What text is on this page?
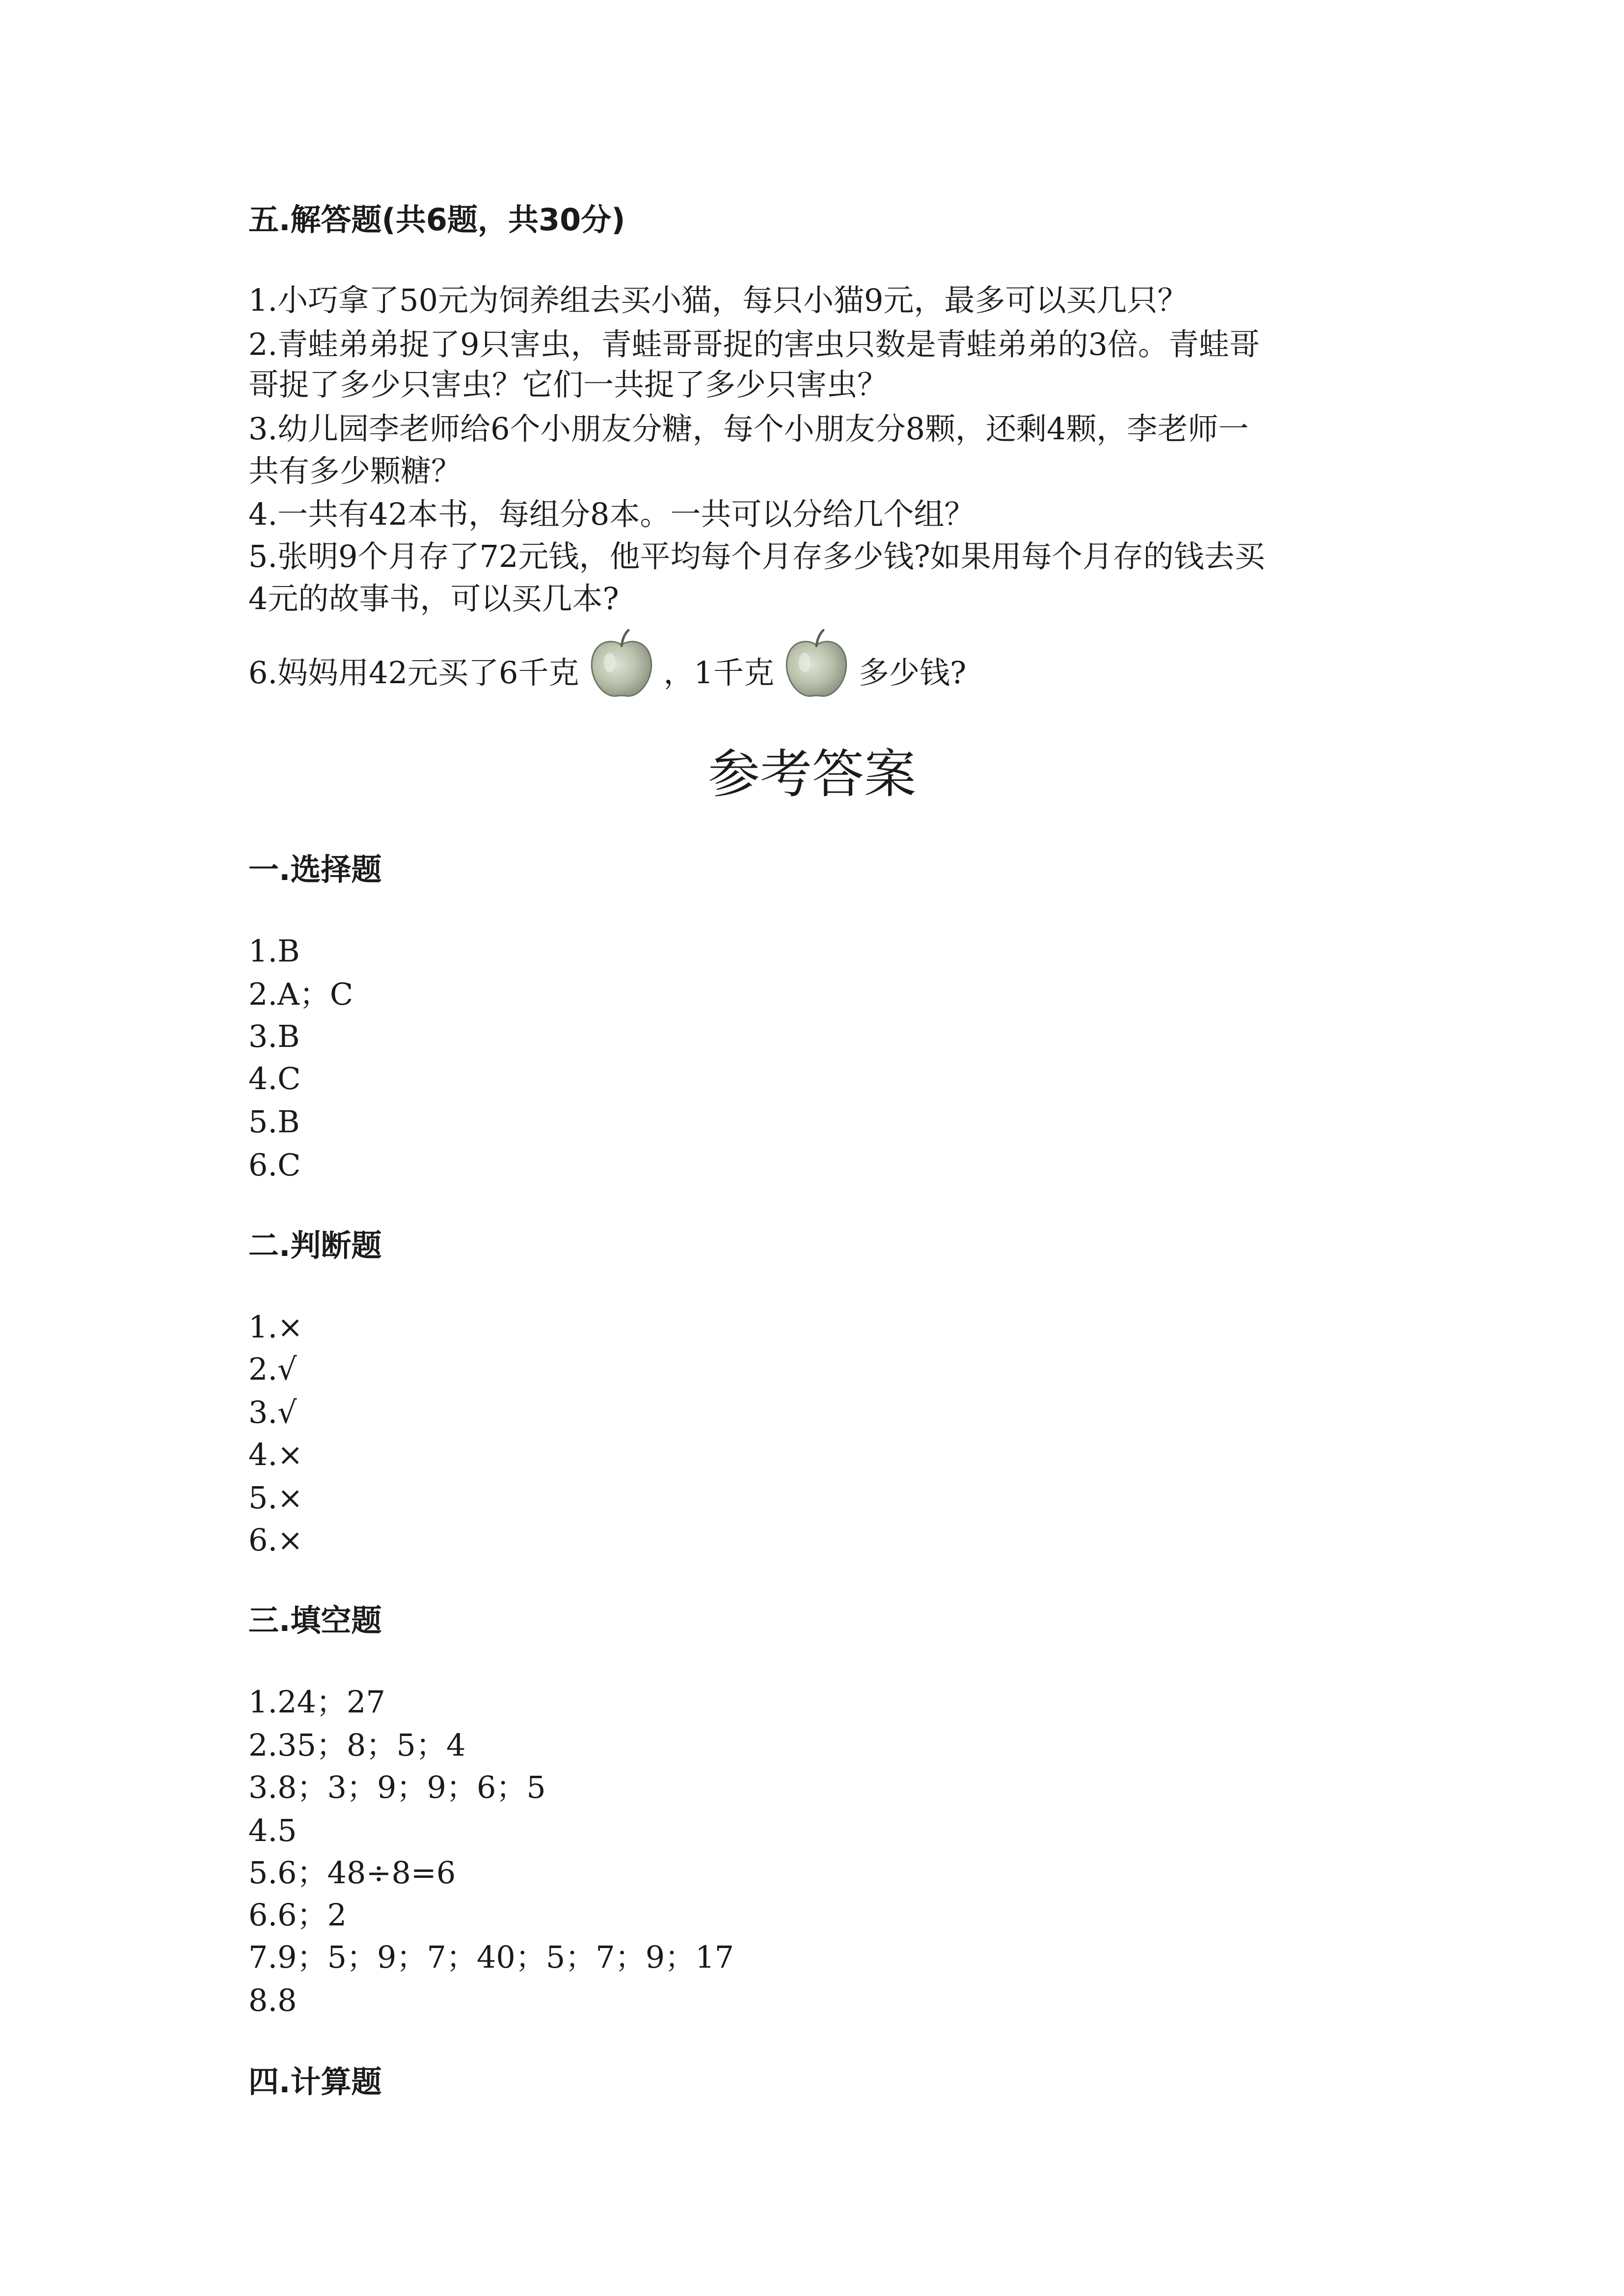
五.解答题(共6题，共30分)
1.小巧拿了50元为饲养组去买小猫，每只小猫9元，最多可以买几只？
2.青蛙弟弟捉了9只害虫，青蛙哥哥捉的害虫只数是青蛙弟弟的3倍。青蛙哥
哥捉了多少只害虫？它们一共捉了多少只害虫？
3.幼儿园李老师给6个小朋友分糖，每个小朋友分8颗，还剩4颗，李老师一
共有多少颗糖？
4.一共有42本书，每组分8本。一共可以分给几个组？
5.张明9个月存了72元钱，他平均每个月存多少钱?如果用每个月存的钱去买
4元的故事书，可以买几本?
6.妈妈用42元买了6千克	，1千克	多少钱?
参考答案
一.选择题
1.B
2.A；C
3.B
4.C
5.B
6.C
二.判断题
1.×
2.√
3.√
4.×
5.×
6.×
三.填空题
1.24；27
2.35；8；5；4
3.8；3；9；9；6；5
4.5
5.6；48÷8=6
6.6；2
7.9；5；9；7；40；5；7；9；17
8.8
四.计算题
